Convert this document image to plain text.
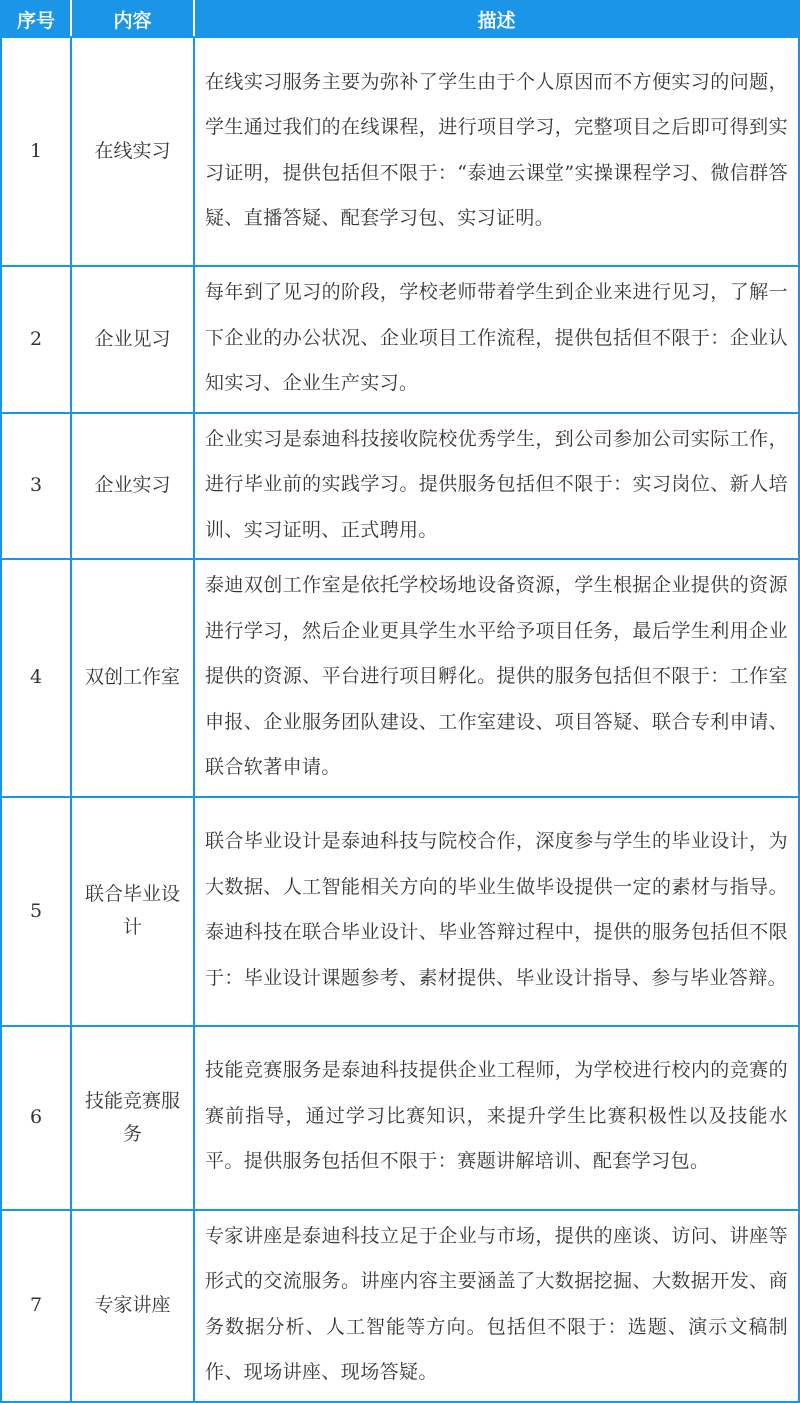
序号	内容	描述
1	在线实习	在线实习服务主要为弥补了学生由于个人原因而不方便实习的问题，学生通过我们的在线课程，进行项目学习，完整项目之后即可得到实习证明，提供包括但不限于：“泰迪云课堂”实操课程学习、微信群答疑、直播答疑、配套学习包、实习证明。
2	企业见习	每年到了见习的阶段，学校老师带着学生到企业来进行见习，了解一下企业的办公状况、企业项目工作流程，提供包括但不限于：企业认知实习、企业生产实习。
3	企业实习	企业实习是泰迪科技接收院校优秀学生，到公司参加公司实际工作，进行毕业前的实践学习。提供服务包括但不限于：实习岗位、新人培训、实习证明、正式聘用。
4	双创工作室	泰迪双创工作室是依托学校场地设备资源，学生根据企业提供的资源进行学习，然后企业更具学生水平给予项目任务，最后学生利用企业提供的资源、平台进行项目孵化。提供的服务包括但不限于：工作室申报、企业服务团队建设、工作室建设、项目答疑、联合专利申请、联合软著申请。
5	联合毕业设计	联合毕业设计是泰迪科技与院校合作，深度参与学生的毕业设计，为大数据、人工智能相关方向的毕业生做毕设提供一定的素材与指导。泰迪科技在联合毕业设计、毕业答辩过程中，提供的服务包括但不限于：毕业设计课题参考、素材提供、毕业设计指导、参与毕业答辩。
6	技能竞赛服务	技能竞赛服务是泰迪科技提供企业工程师，为学校进行校内的竞赛的赛前指导，通过学习比赛知识，来提升学生比赛积极性以及技能水平。提供服务包括但不限于：赛题讲解培训、配套学习包。
7	专家讲座	专家讲座是泰迪科技立足于企业与市场，提供的座谈、访问、讲座等形式的交流服务。讲座内容主要涵盖了大数据挖掘、大数据开发、商务数据分析、人工智能等方向。包括但不限于：选题、演示文稿制作、现场讲座、现场答疑。
